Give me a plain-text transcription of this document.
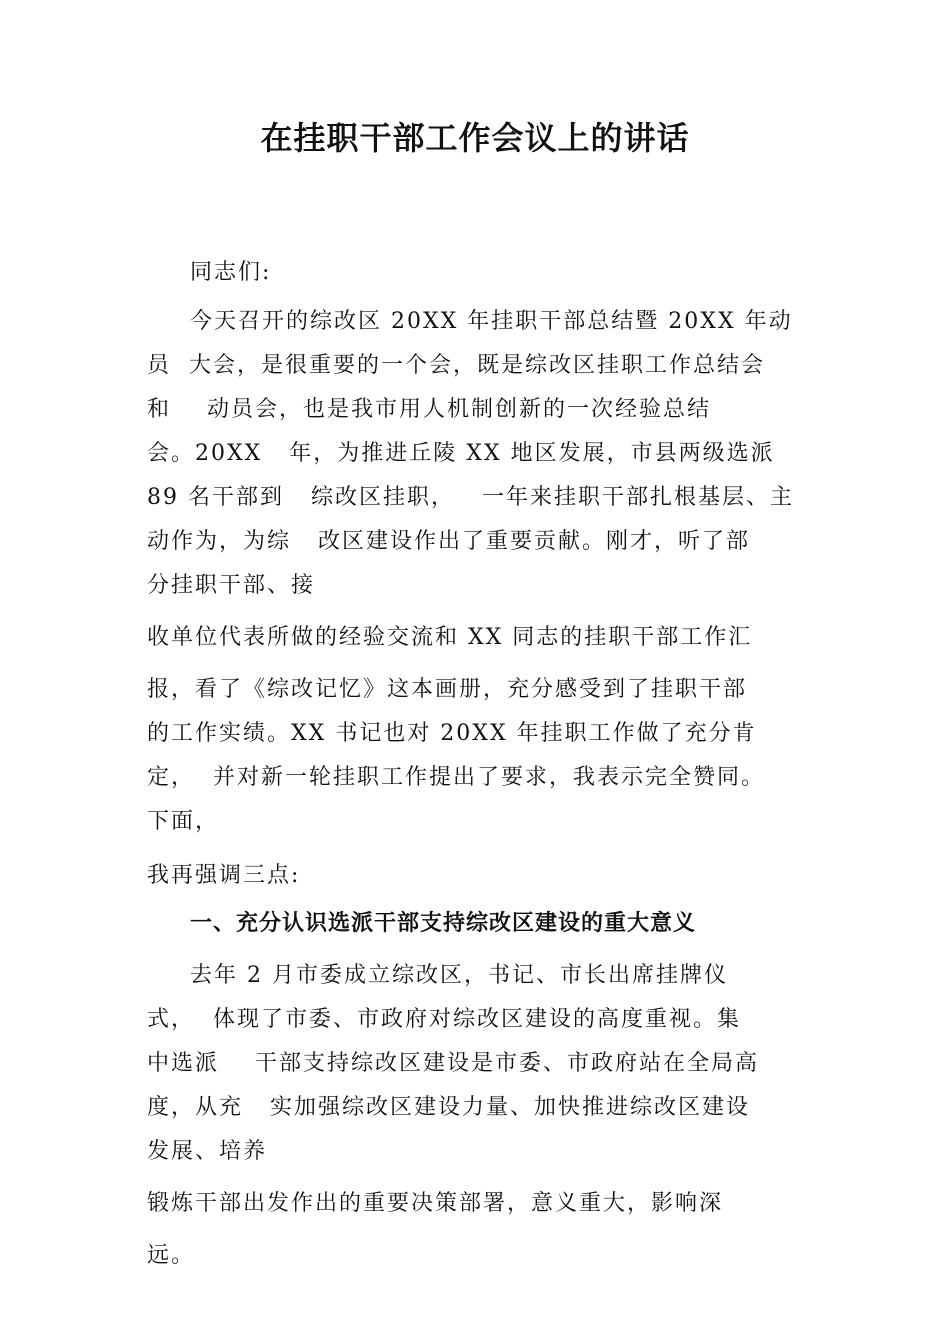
在挂职干部工作会议上的讲话
同志们:
今天召开的综改区 20XX 年挂职干部总结暨 20XX 年动
员  大会，是很重要的一个会，既是综改区挂职工作总结会
和    动员会，也是我市用人机制创新的一次经验总结
会。20XX   年，为推进丘陵 XX 地区发展，市县两级选派
89 名干部到   综改区挂职，   一年来挂职干部扎根基层、主
动作为，为综   改区建设作出了重要贡献。刚才，听了部
分挂职干部、接
收单位代表所做的经验交流和 XX 同志的挂职干部工作汇
报，看了《综改记忆》这本画册，充分感受到了挂职干部
的工作实绩。XX 书记也对 20XX 年挂职工作做了充分肯
定，  并对新一轮挂职工作提出了要求，我表示完全赞同。
下面，
我再强调三点:
一、充分认识选派干部支持综改区建设的重大意义
去年 2 月市委成立综改区，书记、市长出席挂牌仪
式，  体现了市委、市政府对综改区建设的高度重视。集
中选派    干部支持综改区建设是市委、市政府站在全局高
度，从充   实加强综改区建设力量、加快推进综改区建设
发展、培养
锻炼干部出发作出的重要决策部署，意义重大，影响深
远。
